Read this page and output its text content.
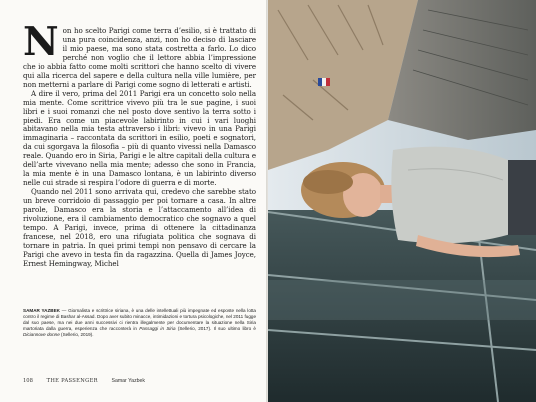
Non ho scelto Parigi come terra d’esilio, si è trattato di una pura coincidenza, anzi, non ho deciso di lasciare il mio paese, ma sono stata costretta a farlo. Lo dico perché non voglio che il lettore abbia l’impressione che io abbia fatto come molti scrittori che hanno scelto di vivere qui alla ricerca del sapere e della cultura nella ville lumière, per non metterni a parlare di Parigi come sogno di letterati e artisti.

A dire il vero, prima del 2011 Parigi era un concetto solo nella mia mente. Come scrittrice vivevo più tra le sue pagine, i suoi libri e i suoi romanzi che nel posto dove sentivo la terra sotto i piedi. Era come un piacevole labirinto in cui i vari luoghi abitavano nella mia testa attraverso i libri: vivevo in una Parigi immaginaria – raccontata da scrittori in esilio, poeti e sognatori, da cui sgorgava la filosofia – più di quanto vivessi nella Damasco reale. Quando ero in Siria, Parigi e le altre capitali della cultura e dell’arte vivevano nella mia mente; adesso che sono in Francia, la mia mente è in una Damasco lontana, è un labirinto diverso nelle cui strade si respira l’odore di guerra e di morte.

Quando nel 2011 sono arrivata qui, credevo che sarebbe stato un breve corridoio di passaggio per poi tornare a casa. In altre parole, Damasco era la storia e l’attaccamento all’idea di rivoluzione, era il cambiamento democratico che sognavo a quel tempo. A Parigi, invece, prima di ottenere la cittadinanza francese, nel 2018, ero una rifugiata politica che sognava di tornare in patria. In quei primi tempi non pensavo di cercare la Parigi che avevo in testa fin da ragazzina. Quella di James Joyce, Ernest Hemingway, Michel

SAMAR YAZBEK — Giornalista e scrittrice siriana, è una delle intellettuali più impegnate ed esposte nella lotta contro il regime di Bashar al-Assad. Dopo aver subito minacce, intimidazioni e tortura psicologiche, nel 2011 fugge dal suo paese, ma nei due anni successivi ci rientra illegalmente per documentare la situazione nella Siria martoriata dalla guerra, esperienza che racconterà in Passaggi in Siria (Sellerio, 2017). Il suo ultimo libro è Diciannove donne (Sellerio, 2019).
108	THE PASSENGER	Samar Yazbek
